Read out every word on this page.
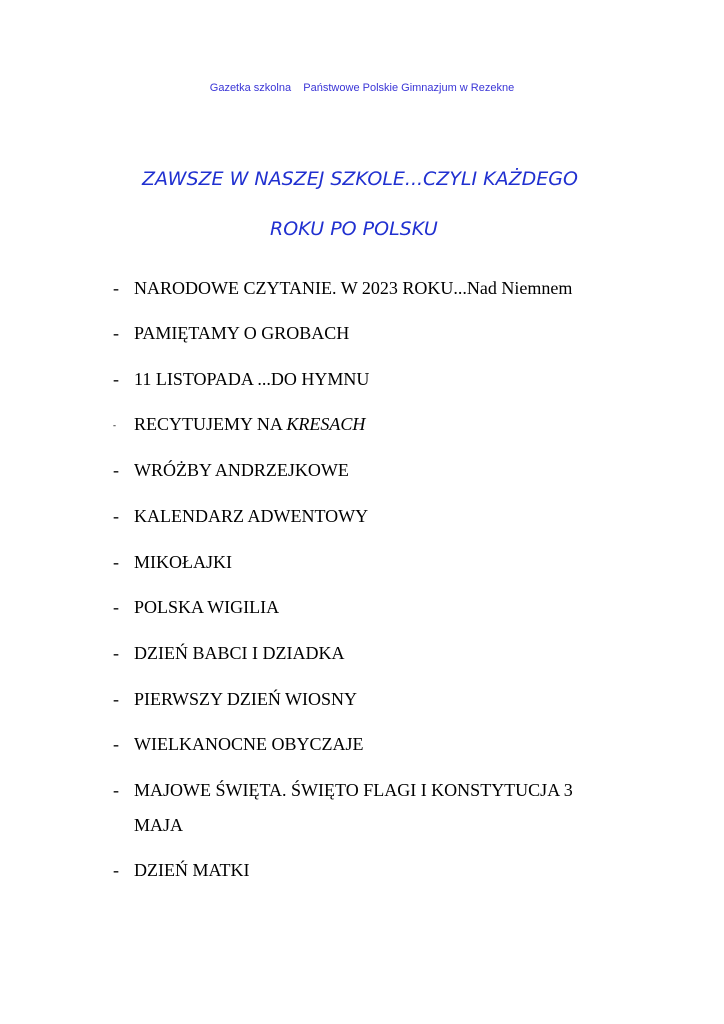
Gazetka szkolna    Państwowe Polskie Gimnazjum w Rezekne
ZAWSZE W NASZEJ SZKOLE...CZYLI KAŻDEGO
ROKU PO POLSKU
- NARODOWE CZYTANIE. W 2023 ROKU...Nad Niemnem
- PAMIĘTAMY O GROBACH
- 11 LISTOPADA ...DO HYMNU
-	RECYTUJEMY NA KRESACH
- WRÓŻBY ANDRZEJKOWE
- KALENDARZ ADWENTOWY
- MIKOŁAJKI
- POLSKA WIGILIA
- DZIEŃ BABCI I DZIADKA
- PIERWSZY DZIEŃ WIOSNY
- WIELKANOCNE OBYCZAJE
- MAJOWE ŚWIĘTA. ŚWIĘTO FLAGI I KONSTYTUCJA 3
MAJA
- DZIEŃ MATKI
